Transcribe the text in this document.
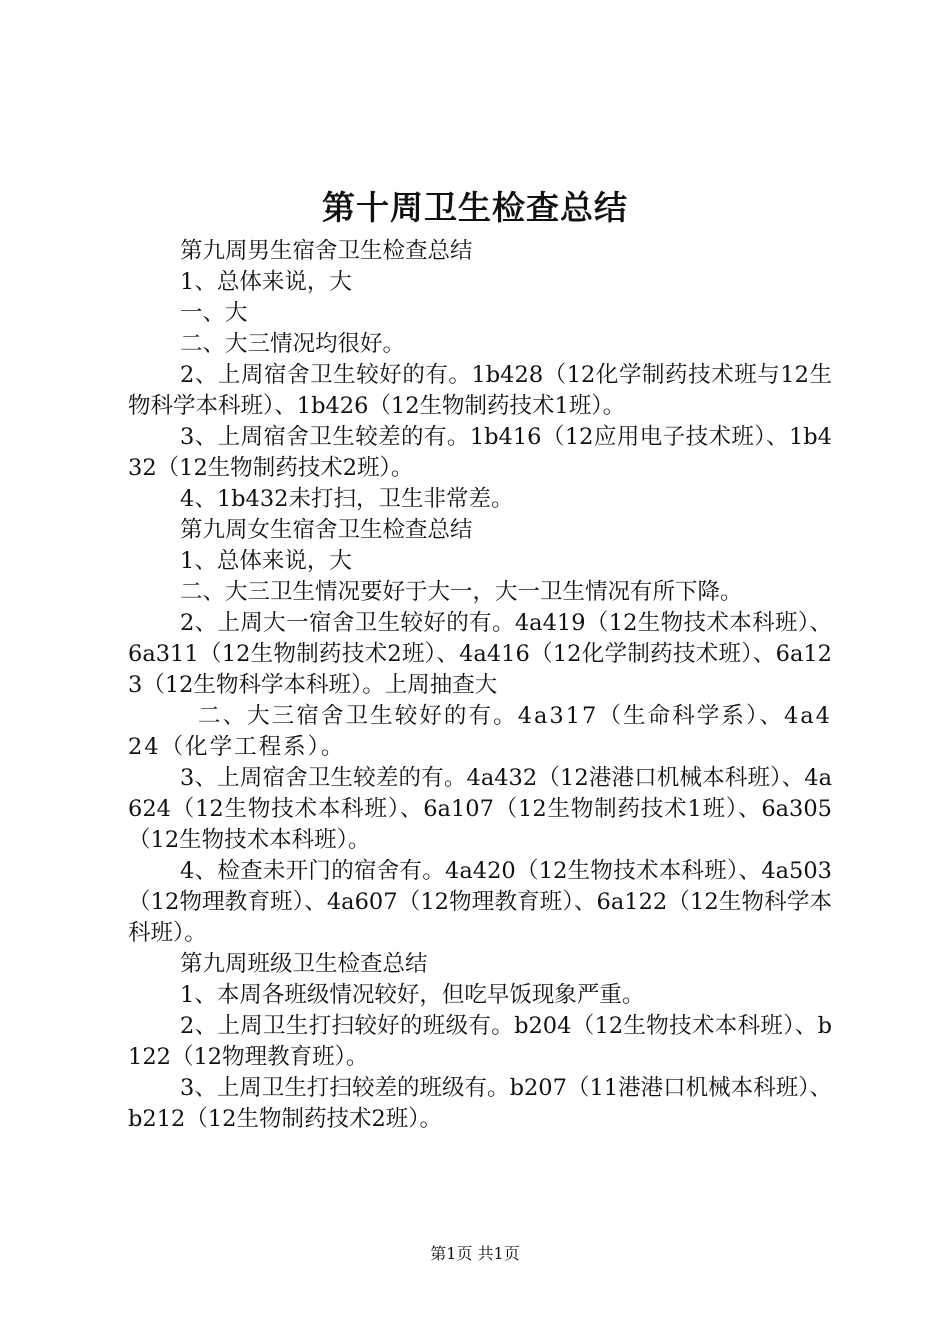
第十周卫生检查总结

第九周男生宿舍卫生检查总结

1、总体来说，大

一、大

二、大三情况均很好。

2、上周宿舍卫生较好的有。1b428（12化学制药技术班与12生物科学本科班）、1b426（12生物制药技术1班）。

3、上周宿舍卫生较差的有。1b416（12应用电子技术班）、1b432（12生物制药技术2班）。

4、1b432未打扫，卫生非常差。

第九周女生宿舍卫生检查总结

1、总体来说，大

二、大三卫生情况要好于大一，大一卫生情况有所下降。

2、上周大一宿舍卫生较好的有。4a419（12生物技术本科班）、6a311（12生物制药技术2班）、4a416（12化学制药技术班）、6a123（12生物科学本科班）。上周抽查大

二、大三宿舍卫生较好的有。4a317（生命科学系）、4a424（化学工程系）。

3、上周宿舍卫生较差的有。4a432（12港港口机械本科班）、4a624（12生物技术本科班）、6a107（12生物制药技术1班）、6a305（12生物技术本科班）。

4、检查未开门的宿舍有。4a420（12生物技术本科班）、4a503（12物理教育班）、4a607（12物理教育班）、6a122（12生物科学本科班）。

第九周班级卫生检查总结

1、本周各班级情况较好，但吃早饭现象严重。

2、上周卫生打扫较好的班级有。b204（12生物技术本科班）、b122（12物理教育班）。

3、上周卫生打扫较差的班级有。b207（11港港口机械本科班）、b212（12生物制药技术2班）。

第1页 共1页
